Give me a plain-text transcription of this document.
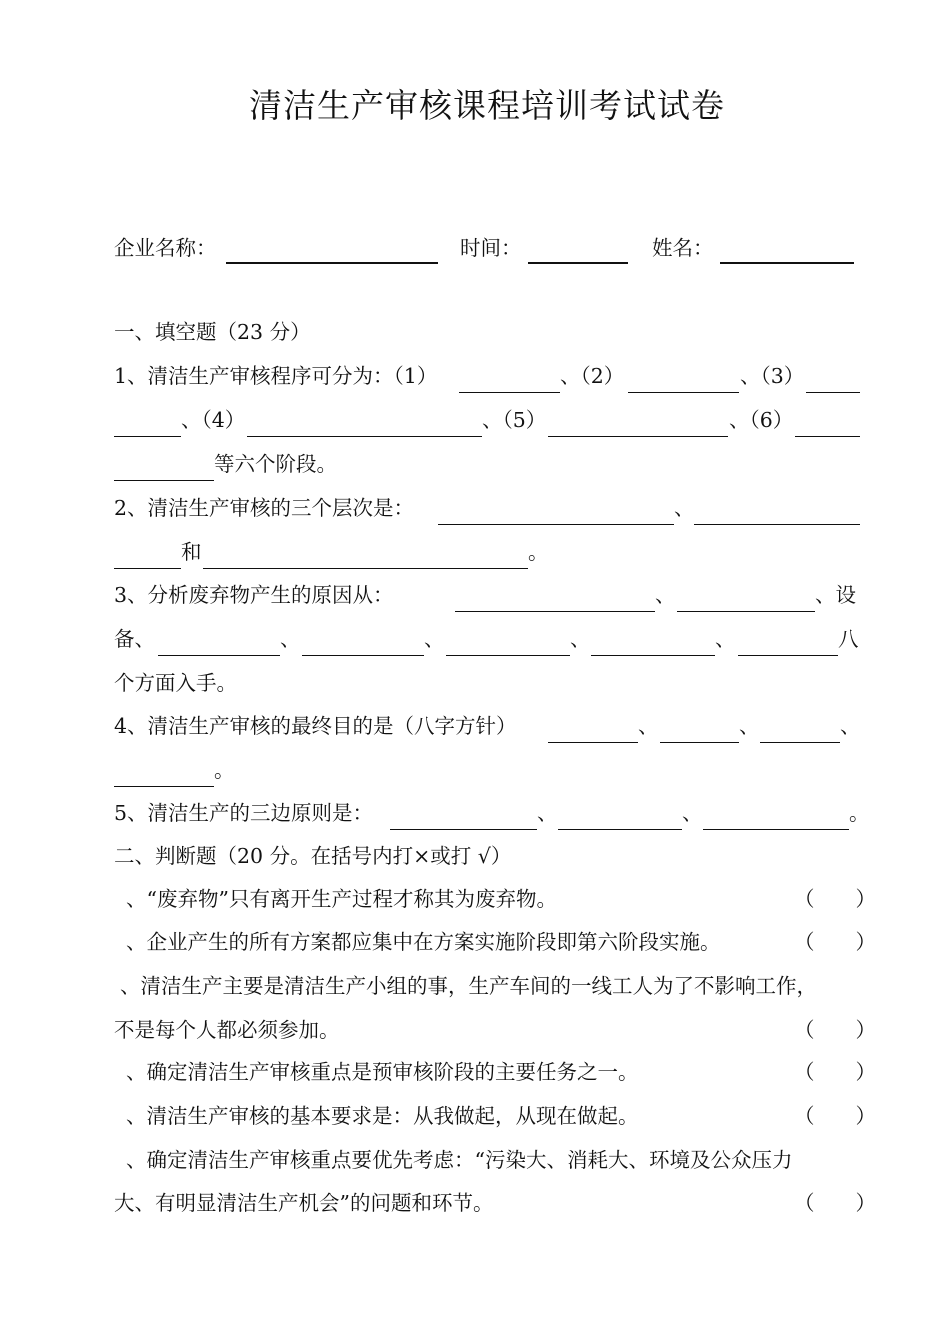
清洁生产审核课程培训考试试卷
企业名称：	时间：	姓名：
一、填空题（23 分）
1、清洁生产审核程序可分为：（1）	、（2）	、（3）
、（4）	、（5）	、（6）
等六个阶段。
2、清洁生产审核的三个层次是：	、
和	。
3、分析废弃物产生的原因从：	、	、设
备、	、	、	、	、	八
个方面入手。
4、清洁生产审核的最终目的是（八字方针）	、	、	、
。
5、清洁生产的三边原则是：	、	、	。
二、判断题（20 分。在括号内打×或打 √）
、“废弃物”只有离开生产过程才称其为废弃物。	（　　）
、企业产生的所有方案都应集中在方案实施阶段即第六阶段实施。	（　　）
、清洁生产主要是清洁生产小组的事，生产车间的一线工人为了不影响工作，
不是每个人都必须参加。	（　　）
、确定清洁生产审核重点是预审核阶段的主要任务之一。	（　　）
、清洁生产审核的基本要求是：从我做起，从现在做起。	（　　）
、确定清洁生产审核重点要优先考虑：“污染大、消耗大、环境及公众压力
大、有明显清洁生产机会”的问题和环节。	（　　）
